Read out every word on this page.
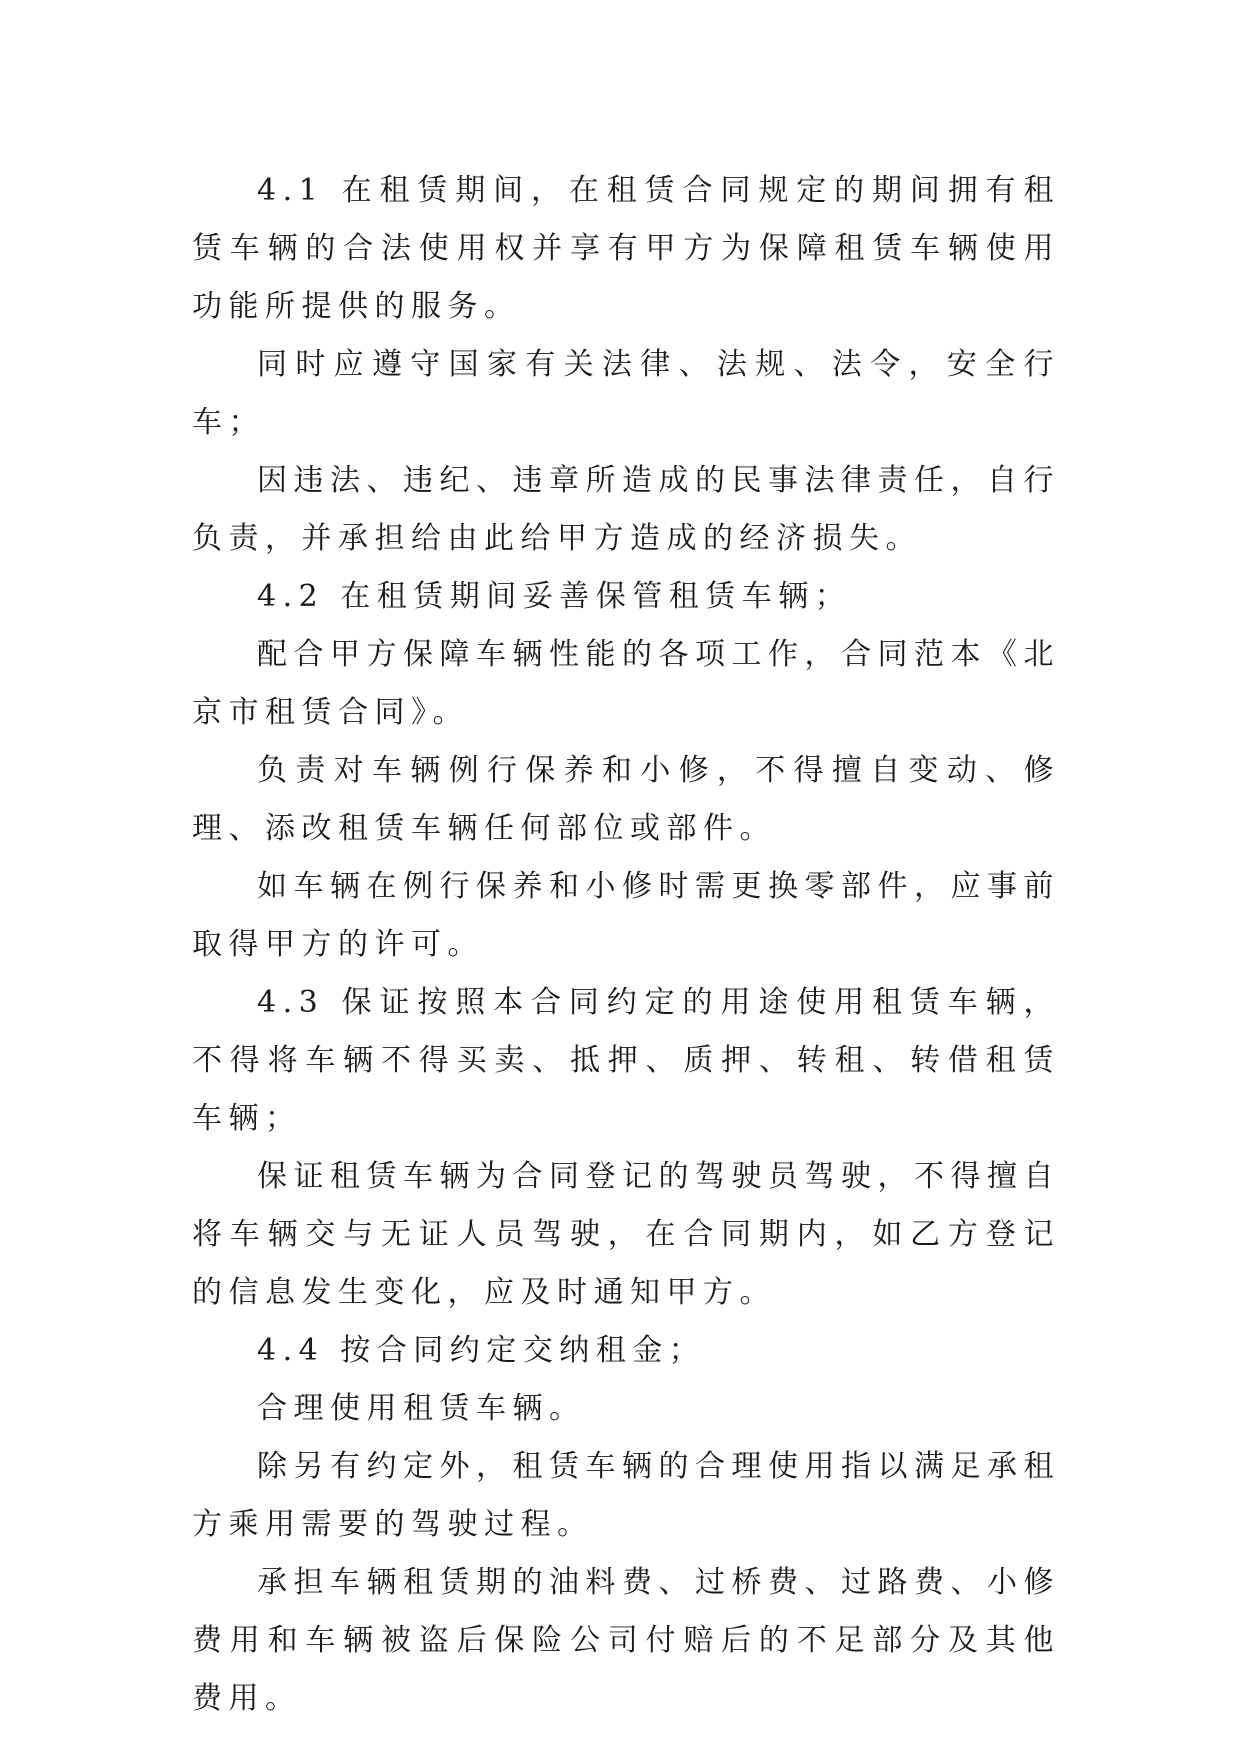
4.1 在租赁期间，在租赁合同规定的期间拥有租赁车辆的合法使用权并享有甲方为保障租赁车辆使用功能所提供的服务。

同时应遵守国家有关法律、法规、法令，安全行车；

因违法、违纪、违章所造成的民事法律责任，自行负责，并承担给由此给甲方造成的经济损失。

4.2 在租赁期间妥善保管租赁车辆；

配合甲方保障车辆性能的各项工作，合同范本《北京市租赁合同》。

负责对车辆例行保养和小修，不得擅自变动、修理、添改租赁车辆任何部位或部件。

如车辆在例行保养和小修时需更换零部件，应事前取得甲方的许可。

4.3 保证按照本合同约定的用途使用租赁车辆，不得将车辆不得买卖、抵押、质押、转租、转借租赁车辆；

保证租赁车辆为合同登记的驾驶员驾驶，不得擅自将车辆交与无证人员驾驶，在合同期内，如乙方登记的信息发生变化，应及时通知甲方。

4.4 按合同约定交纳租金；

合理使用租赁车辆。

除另有约定外，租赁车辆的合理使用指以满足承租方乘用需要的驾驶过程。

承担车辆租赁期的油料费、过桥费、过路费、小修费用和车辆被盗后保险公司付赔后的不足部分及其他费用。
